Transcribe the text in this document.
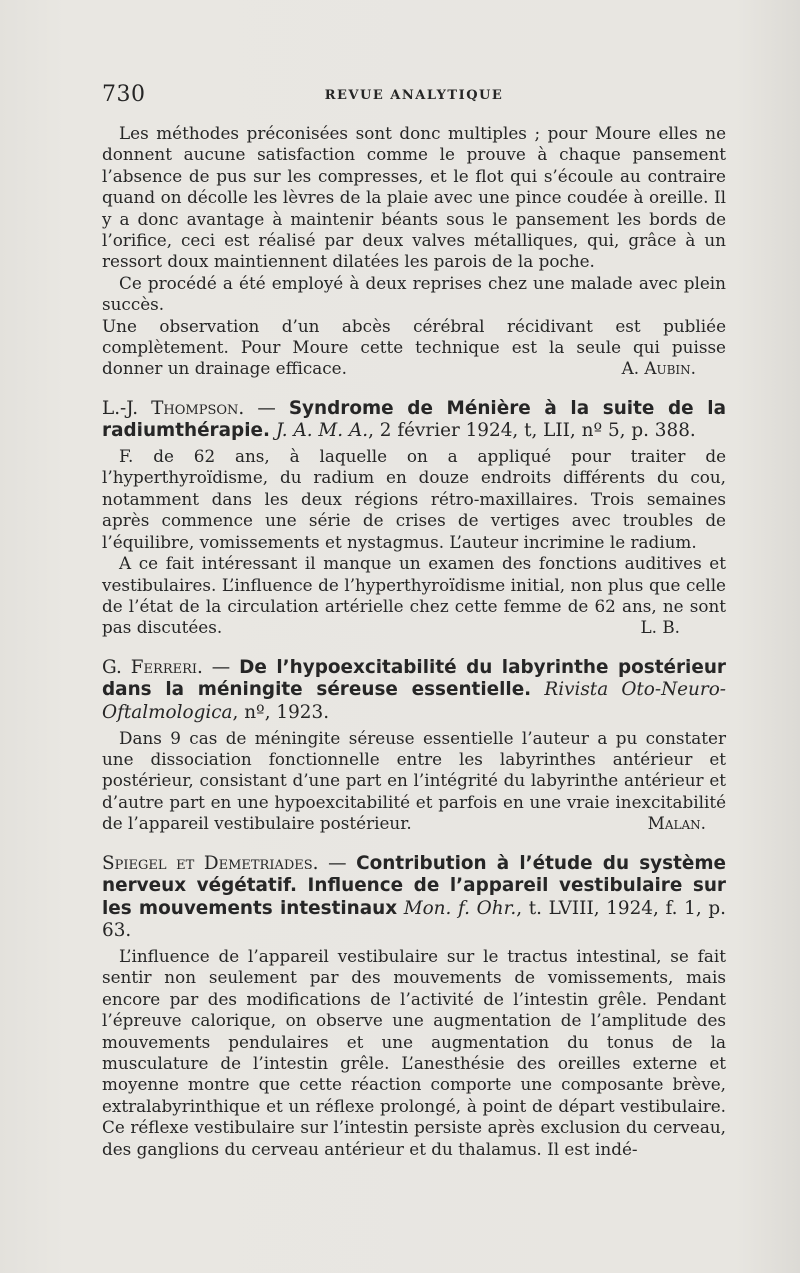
730	REVUE ANALYTIQUE

Les méthodes préconisées sont donc multiples ; pour Moure elles ne donnent aucune satisfaction comme le prouve à chaque pansement l’absence de pus sur les compresses, et le flot qui s’écoule au contraire quand on décolle les lèvres de la plaie avec une pince coudée à oreille. Il y a donc avantage à maintenir béants sous le pansement les bords de l’orifice, ceci est réalisé par deux valves métalliques, qui, grâce à un ressort doux maintiennent dilatées les parois de la poche.

Ce procédé a été employé à deux reprises chez une malade avec plein succès.

Une observation d’un abcès cérébral récidivant est publiée complètement. Pour Moure cette technique est la seule qui puisse donner un drainage efficace.	A. Aubin.

L.-J. Thompson. — Syndrome de Ménière à la suite de la radiumthérapie. J. A. M. A., 2 février 1924, t, LII, nº 5, p. 388.

F. de 62 ans, à laquelle on a appliqué pour traiter de l’hyperthyroïdisme, du radium en douze endroits différents du cou, notamment dans les deux régions rétro-maxillaires. Trois semaines après commence une série de crises de vertiges avec troubles de l’équilibre, vomissements et nystagmus. L’auteur incrimine le radium.

A ce fait intéressant il manque un examen des fonctions auditives et vestibulaires. L’influence de l’hyperthyroïdisme initial, non plus que celle de l’état de la circulation artérielle chez cette femme de 62 ans, ne sont pas discutées.	L. B.

G. Ferreri. — De l’hypoexcitabilité du labyrinthe postérieur dans la méningite séreuse essentielle. Rivista Oto-Neuro-Oftalmologica, nº, 1923.

Dans 9 cas de méningite séreuse essentielle l’auteur a pu constater une dissociation fonctionnelle entre les labyrinthes antérieur et postérieur, consistant d’une part en l’intégrité du labyrinthe antérieur et d’autre part en une hypoexcitabilité et parfois en une vraie inexcitabilité de l’appareil vestibulaire postérieur.	Malan.

Spiegel et Demetriades. — Contribution à l’étude du système nerveux végétatif. Influence de l’appareil vestibulaire sur les mouvements intestinaux Mon. f. Ohr., t. LVIII, 1924, f. 1, p. 63.

L’influence de l’appareil vestibulaire sur le tractus intestinal, se fait sentir non seulement par des mouvements de vomissements, mais encore par des modifications de l’activité de l’intestin grêle. Pendant l’épreuve calorique, on observe une augmentation de l’amplitude des mouvements pendulaires et une augmentation du tonus de la musculature de l’intestin grêle. L’anesthésie des oreilles externe et moyenne montre que cette réaction comporte une composante brève, extralabyrinthique et un réflexe prolongé, à point de départ vestibulaire. Ce réflexe vestibulaire sur l’intestin persiste après exclusion du cerveau, des ganglions du cerveau antérieur et du thalamus. Il est indé-
